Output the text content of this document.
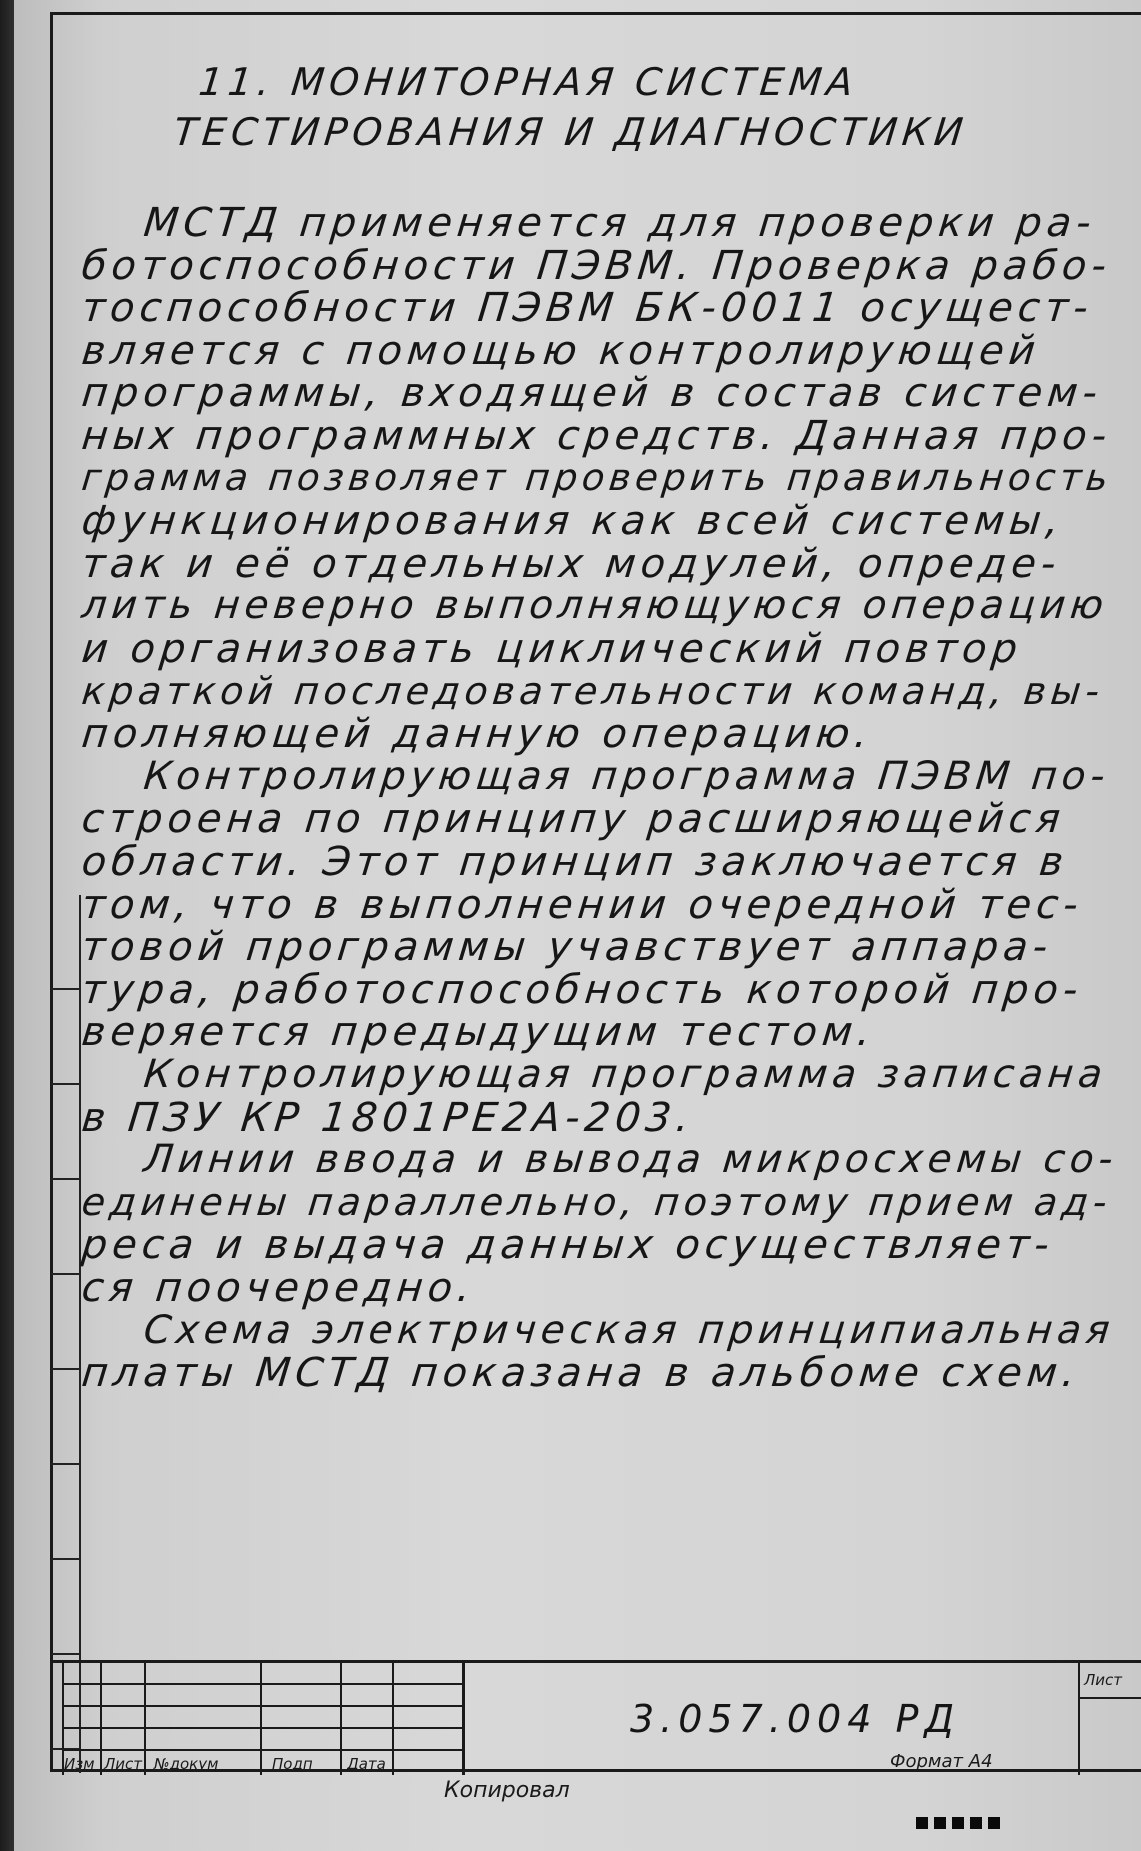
11. МОНИТОРНАЯ СИСТЕМА
ТЕСТИРОВАНИЯ И ДИАГНОСТИКИ
МСТД применяется для проверки ра-
ботоспособности ПЭВМ. Проверка рабо-
тоспособности ПЭВМ БК-0011 осущест-
вляется с помощью контролирующей
программы, входящей в состав систем-
ных программных средств. Данная про-
грамма позволяет проверить правильность
функционирования как всей системы,
так и её отдельных модулей, опреде-
лить неверно выполняющуюся операцию
и организовать циклический повтор
краткой последовательности команд, вы-
полняющей данную операцию.
Контролирующая программа ПЭВМ по-
строена по принципу расширяющейся
области. Этот принцип заключается в
том, что в выполнении очередной тес-
товой программы учавствует аппара-
тура, работоспособность которой про-
веряется предыдущим тестом.
Контролирующая программа записана
в ПЗУ КР 1801РЕ2А-203.
Линии ввода и вывода микросхемы со-
единены параллельно, поэтому прием ад-
реса и выдача данных осуществляет-
ся поочередно.
Схема электрическая принципиальная
платы МСТД показана в альбоме схем.
Изм Лист №докум	Подп Дата
Лист
3.057.004 РД
Формат А4
Копировал
